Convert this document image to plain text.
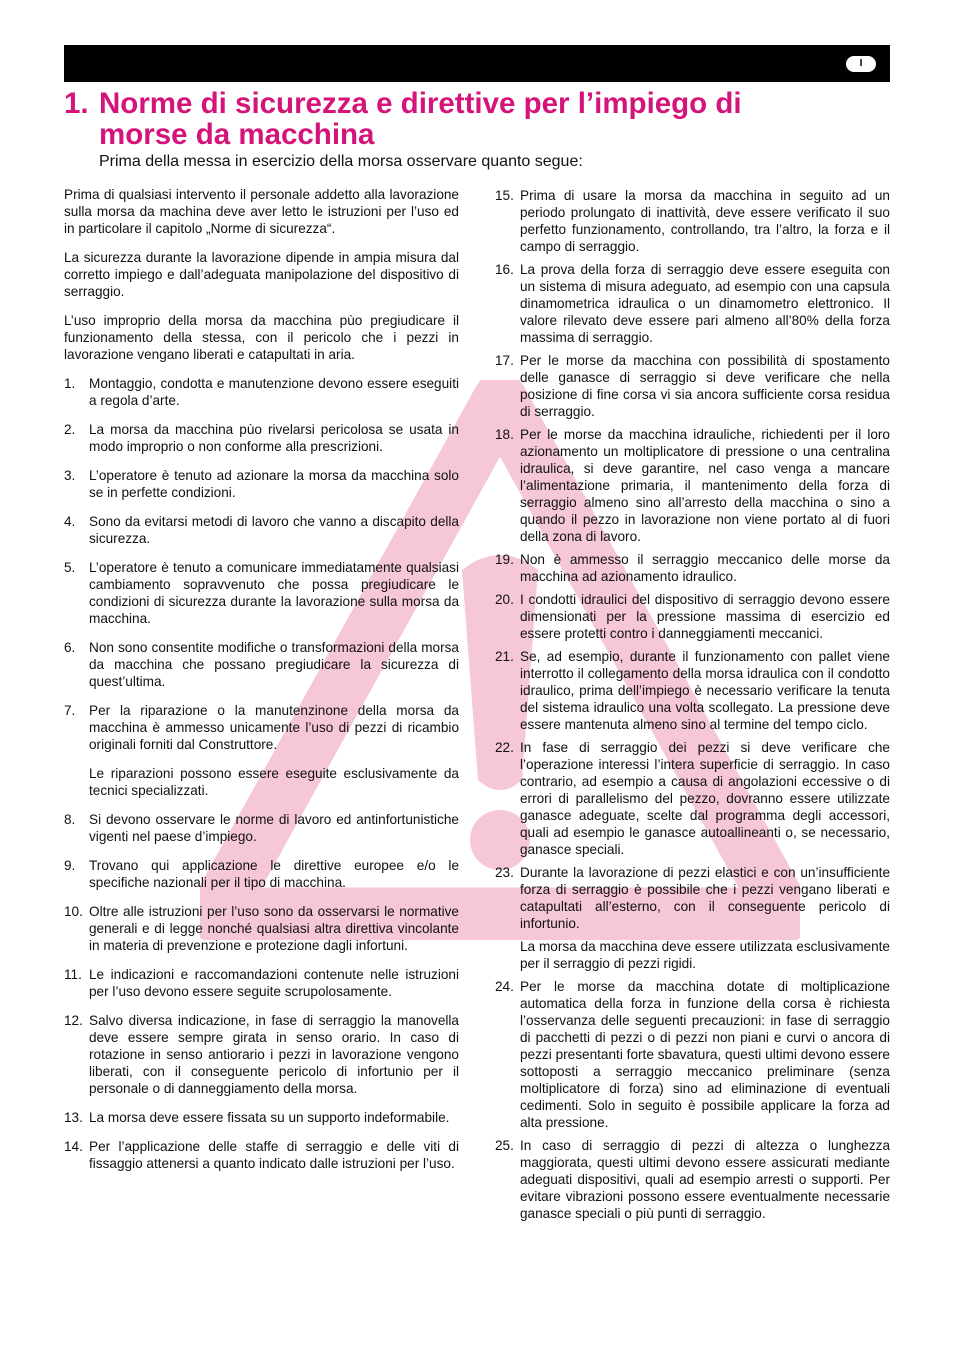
I
1. Norme di sicurezza e direttive per l’impiego di
morse da macchina

Prima della messa in esercizio della morsa osservare quanto segue:

Prima di qualsiasi intervento il personale addetto alla lavorazione sulla morsa da machina deve aver letto le istruzioni per l’uso ed in particolare il capitolo „Norme di sicurezza“.

La sicurezza durante la lavorazione dipende in ampia misura dal corretto impiego e dall’adeguata manipolazione del dispositivo di serraggio.

L’uso improprio della morsa da macchina pùo pregiudicare il funzionamento della stessa, con il pericolo che i pezzi in lavorazione vengano liberati e catapultati in aria.

1. Montaggio, condotta e manutenzione devono essere eseguiti a regola d’arte.
2. La morsa da macchina pùo rivelarsi pericolosa se usata in modo improprio o non conforme alla prescrizioni.
3. L’operatore è tenuto ad azionare la morsa da macchina solo se in perfette condizioni.
4. Sono da evitarsi metodi di lavoro che vanno a discapito della sicurezza.
5. L’operatore è tenuto a comunicare immediatamente qualsiasi cambiamento sopravvenuto che possa pregiudicare le condizioni di sicurezza durante la lavorazione sulla morsa da macchina.
6. Non sono consentite modifiche o transformazioni della morsa da macchina che possano pregiudicare la sicurezza di quest’ultima.
7. Per la riparazione o la manutenzinone della morsa da macchina è ammesso unicamente l’uso di pezzi di ricambio originali forniti dal Construttore.
Le riparazioni possono essere eseguite esclusivamente da tecnici specializzati.
8. Si devono osservare le norme di lavoro ed antinfortunistiche vigenti nel paese d’impiego.
9. Trovano qui applicazione le direttive europee e/o le specifiche nazionali per il tipo di macchina.
10. Oltre alle istruzioni per l’uso sono da osservarsi le normative generali e di legge nonché qualsiasi altra direttiva vincolante in materia di prevenzione e protezione dagli infortuni.
11. Le indicazioni e raccomandazioni contenute nelle istruzioni per l’uso devono essere seguite scrupolosamente.
12. Salvo diversa indicazione, in fase di serraggio la manovella deve essere sempre girata in senso orario. In caso di rotazione in senso antiorario i pezzi in lavorazione vengono liberati, con il conseguente pericolo di infortunio per il personale o di danneggiamento della morsa.
13. La morsa deve essere fissata su un supporto indeformabile.
14. Per l’applicazione delle staffe di serraggio e delle viti di fissaggio attenersi a quanto indicato dalle istruzioni per l’uso.
15. Prima di usare la morsa da macchina in seguito ad un periodo prolungato di inattività, deve essere verificato il suo perfetto funzionamento, controllando, tra l’altro, la forza e il campo di serraggio.
16. La prova della forza di serraggio deve essere eseguita con un sistema di misura adeguato, ad esempio con una capsula dinamometrica idraulica o un dinamometro elettronico. Il valore rilevato deve essere pari almeno all’80% della forza massima di serraggio.
17. Per le morse da macchina con possibilità di spostamento delle ganasce di serraggio si deve verificare che nella posizione di fine corsa vi sia ancora sufficiente corsa residua di serraggio.
18. Per le morse da macchina idrauliche, richiedenti per il loro azionamento un moltiplicatore di pressione o una centralina idraulica, si deve garantire, nel caso venga a mancare l’alimentazione primaria, il mantenimento della forza di serraggio almeno sino all’arresto della macchina o sino a quando il pezzo in lavorazione non viene portato al di fuori della zona di lavoro.
19. Non è ammesso il serraggio meccanico delle morse da macchina ad azionamento idraulico.
20. I condotti idraulici del dispositivo di serraggio devono essere dimensionati per la pressione massima di esercizio ed essere protetti contro i danneggiamenti meccanici.
21. Se, ad esempio, durante il funzionamento con pallet viene interrotto il collegamento della morsa idraulica con il condotto idraulico, prima dell’impiego è necessario verificare la tenuta del sistema idraulico una volta scollegato. La pressione deve essere mantenuta almeno sino al termine del tempo ciclo.
22. In fase di serraggio dei pezzi si deve verificare che l’operazione interessi l’intera superficie di serraggio. In caso contrario, ad esempio a causa di angolazioni eccessive o di errori di parallelismo del pezzo, dovranno essere utilizzate ganasce adeguate, scelte dal programma degli accessori, quali ad esempio le ganasce autoallineanti o, se necessario, ganasce speciali.
23. Durante la lavorazione di pezzi elastici e con un’insufficiente forza di serraggio è possibile che i pezzi vengano liberati e catapultati all’esterno, con il conseguente pericolo di infortunio.
La morsa da macchina deve essere utilizzata esclusivamente per il serraggio di pezzi rigidi.
24. Per le morse da macchina dotate di moltiplicazione automatica della forza in funzione della corsa è richiesta l’osservanza delle seguenti precauzioni: in fase di serraggio di pacchetti di pezzi o di pezzi non piani e curvi o ancora di pezzi presentanti forte sbavatura, questi ultimi devono essere sottoposti a serraggio meccanico preliminare (senza moltiplicatore di forza) sino ad eliminazione di eventuali cedimenti. Solo in seguito è possibile applicare la forza ad alta pressione.
25. In caso di serraggio di pezzi di altezza o lunghezza maggiorata, questi ultimi devono essere assicurati mediante adeguati dispositivi, quali ad esempio arresti o supporti. Per evitare vibrazioni possono essere eventualmente necessarie ganasce speciali o più punti di serraggio.
